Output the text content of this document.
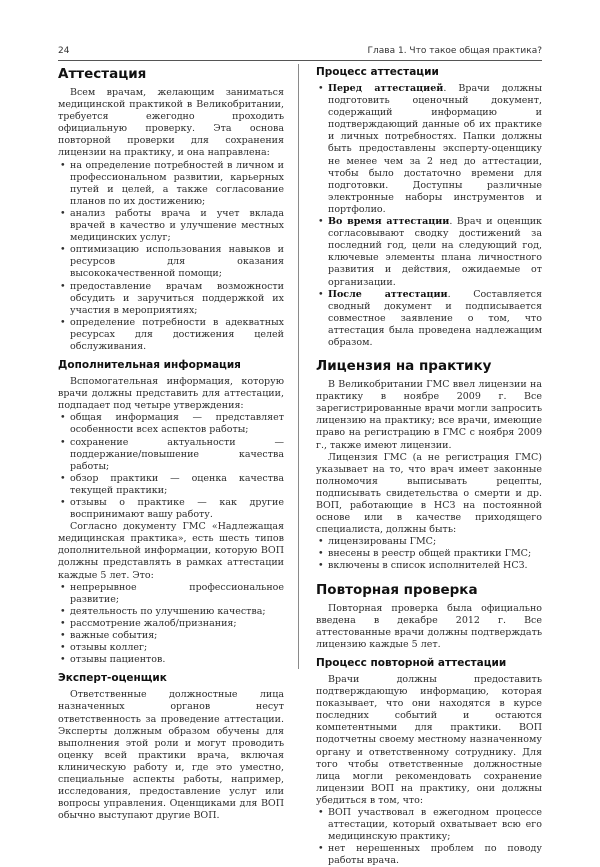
24	Глава 1. Что такое общая практика?
Аттестация

Всем врачам, желающим заниматься медицинской практикой в Великобритании, требуется ежегодно проходить официальную проверку. Эта основа повторной проверки для сохранения лицензии на практику, и она направлена:

• на определение потребностей в личном и профессиональном развитии, карьерных путей и целей, а также согласование планов по их достижению;
• анализ работы врача и учет вклада врачей в качество и улучшение местных медицинских услуг;
• оптимизацию использования навыков и ресурсов для оказания высококачественной помощи;
• предоставление врачам возможности обсудить и заручиться поддержкой их участия в мероприятиях;
• определение потребности в адекватных ресурсах для достижения целей обслуживания.
Дополнительная информация

Вспомогательная информация, которую врачи должны представить для аттестации, подпадает под четыре утверждения:

• общая информация — представляет особенности всех аспектов работы;
• сохранение актуальности — поддержание/повышение качества работы;
• обзор практики — оценка качества текущей практики;
• отзывы о практике — как другие воспринимают вашу работу.

Согласно документу ГМС «Надлежащая медицинская практика», есть шесть типов дополнительной информации, которую ВОП должны представлять в рамках аттестации каждые 5 лет. Это:

• непрерывное профессиональное развитие;
• деятельность по улучшению качества;
• рассмотрение жалоб/признания;
• важные события;
• отзывы коллег;
• отзывы пациентов.
Эксперт-оценщик

Ответственные должностные лица назначенных органов несут ответственность за проведение аттестации. Эксперты должным образом обучены для выполнения этой роли и могут проводить оценку всей практики врача, включая клиническую работу и, где это уместно, специальные аспекты работы, например, исследования, предоставление услуг или вопросы управления. Оценщиками для ВОП обычно выступают другие ВОП.

Процесс аттестации
• Перед аттестацией. Врачи должны подготовить оценочный документ, содержащий информацию и подтверждающий данные об их практике и личных потребностях. Папки должны быть предоставлены эксперту-оценщику не менее чем за 2 нед до аттестации, чтобы было достаточно времени для подготовки. Доступны различные электронные наборы инструментов и портфолио.
• Во время аттестации. Врач и оценщик согласовывают сводку достижений за последний год, цели на следующий год, ключевые элементы плана личностного развития и действия, ожидаемые от организации.
• После аттестации. Составляется сводный документ и подписывается совместное заявление о том, что аттестация была проведена надлежащим образом.
Лицензия на практику

В Великобритании ГМС ввел лицензии на практику в ноябре 2009 г. Все зарегистрированные врачи могли запросить лицензию на практику; все врачи, имеющие право на регистрацию в ГМС с ноября 2009 г., также имеют лицензии.

Лицензия ГМС (а не регистрация ГМС) указывает на то, что врач имеет законные полномочия выписывать рецепты, подписывать свидетельства о смерти и др. ВОП, работающие в НСЗ на постоянной основе или в качестве приходящего специалиста, должны быть:

• лицензированы ГМС;
• внесены в реестр общей практики ГМС;
• включены в список исполнителей НСЗ.
Повторная проверка

Повторная проверка была официально введена в декабре 2012 г. Все аттестованные врачи должны подтверждать лицензию каждые 5 лет.

Процесс повторной аттестации

Врачи должны предоставить подтверждающую информацию, которая показывает, что они находятся в курсе последних событий и остаются компетентными для практики. ВОП подотчетны своему местному назначенному органу и ответственному сотруднику. Для того чтобы ответственные должностные лица могли рекомендовать сохранение лицензии ВОП на практику, они должны убедиться в том, что:

• ВОП участвовал в ежегодном процессе аттестации, который охватывает всю его медицинскую практику;
• нет нерешенных проблем по поводу работы врача.
